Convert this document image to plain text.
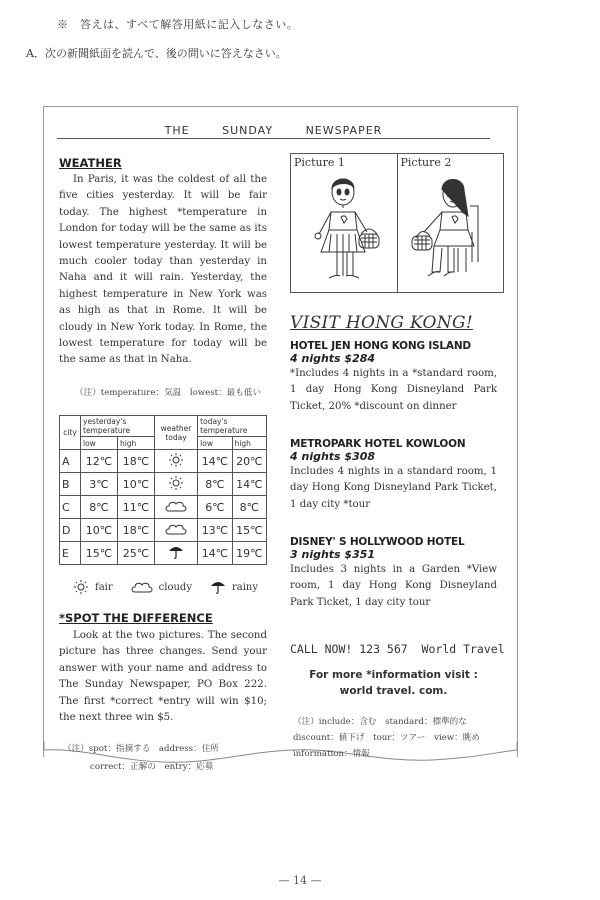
※　答えは、すべて解答用紙に記入しなさい。
A．次の新聞紙面を読んで、後の問いに答えなさい。
THE	SUNDAY	NEWSPAPER
WEATHER
In Paris, it was the coldest of all the five cities yesterday. It will be fair today. The highest *temperature in London for today will be the same as its lowest temperature yesterday. It will be much cooler today than yesterday in Naha and it will rain. Yesterday, the highest temperature in New York was as high as that in Rome. It will be cloudy in New York today. In Rome, the lowest temperature for today will be the same as that in Naha.
（注）temperature：気温　lowest：最も低い
city	yesterday's temperature		weather today	today's temperature	
	low	high		low	high
A	12℃	18℃		14℃	20℃
B	3℃	10℃		8℃	14℃
C	8℃	11℃		6℃	8℃
D	10℃	18℃		13℃	15℃
E	15℃	25℃		14℃	19℃
fair	cloudy	rainy
*SPOT THE DIFFERENCE
Look at the two pictures. The second picture has three changes. Send your answer with your name and address to The Sunday Newspaper, PO Box 222. The first *correct *entry will win $10; the next three win $5.
（注）spot：指摘する　address：住所
correct：正解の　entry：応募
Picture 1	Picture 2
VISIT HONG KONG!
HOTEL JEN HONG KONG ISLAND
4 nights $284
*Includes 4 nights in a *standard room, 1 day Hong Kong Disneyland Park Ticket, 20% *discount on dinner
METROPARK HOTEL KOWLOON
4 nights $308
Includes 4 nights in a standard room, 1 day Hong Kong Disneyland Park Ticket, 1 day city *tour
DISNEY' S HOLLYWOOD HOTEL
3 nights $351
Includes 3 nights in a Garden *View room, 1 day Hong Kong Disneyland Park Ticket, 1 day city tour
CALL NOW! 123 567  World Travel
For more *information visit :
world travel. com.
（注）include：含む　standard：標準的な　discount：値下げ　tour：ツアー　view：眺め　information：情報
— 14 —
